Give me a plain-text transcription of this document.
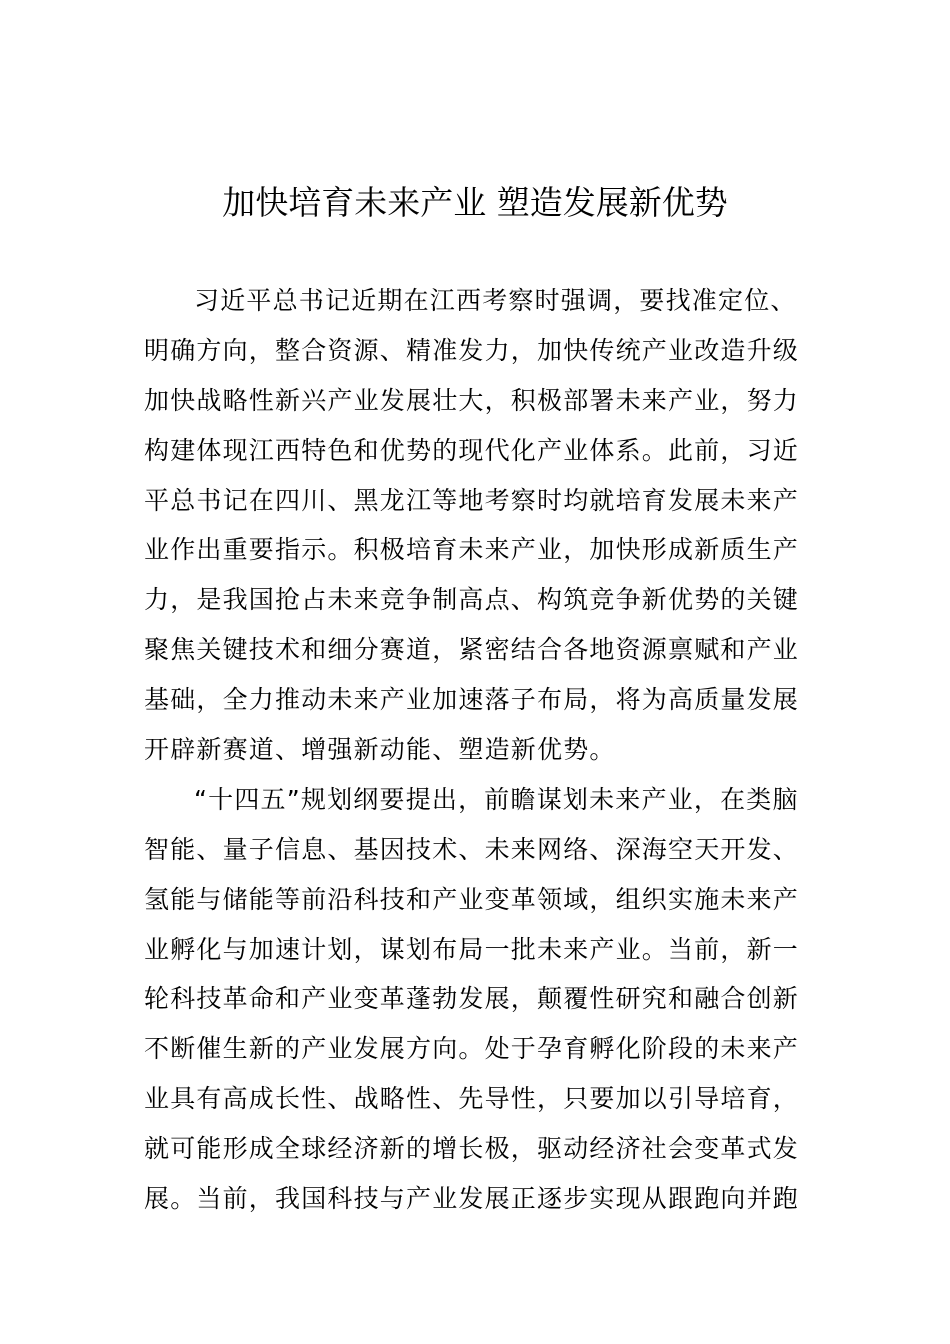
加快培育未来产业 塑造发展新优势
习近平总书记近期在江西考察时强调，要找准定位、
明确方向，整合资源、精准发力，加快传统产业改造升级
加快战略性新兴产业发展壮大，积极部署未来产业，努力
构建体现江西特色和优势的现代化产业体系。此前，习近
平总书记在四川、黑龙江等地考察时均就培育发展未来产
业作出重要指示。积极培育未来产业，加快形成新质生产
力，是我国抢占未来竞争制高点、构筑竞争新优势的关键
聚焦关键技术和细分赛道，紧密结合各地资源禀赋和产业
基础，全力推动未来产业加速落子布局，将为高质量发展
开辟新赛道、增强新动能、塑造新优势。
“十四五”规划纲要提出，前瞻谋划未来产业，在类脑
智能、量子信息、基因技术、未来网络、深海空天开发、
氢能与储能等前沿科技和产业变革领域，组织实施未来产
业孵化与加速计划，谋划布局一批未来产业。当前，新一
轮科技革命和产业变革蓬勃发展，颠覆性研究和融合创新
不断催生新的产业发展方向。处于孕育孵化阶段的未来产
业具有高成长性、战略性、先导性，只要加以引导培育，
就可能形成全球经济新的增长极，驱动经济社会变革式发
展。当前，我国科技与产业发展正逐步实现从跟跑向并跑
